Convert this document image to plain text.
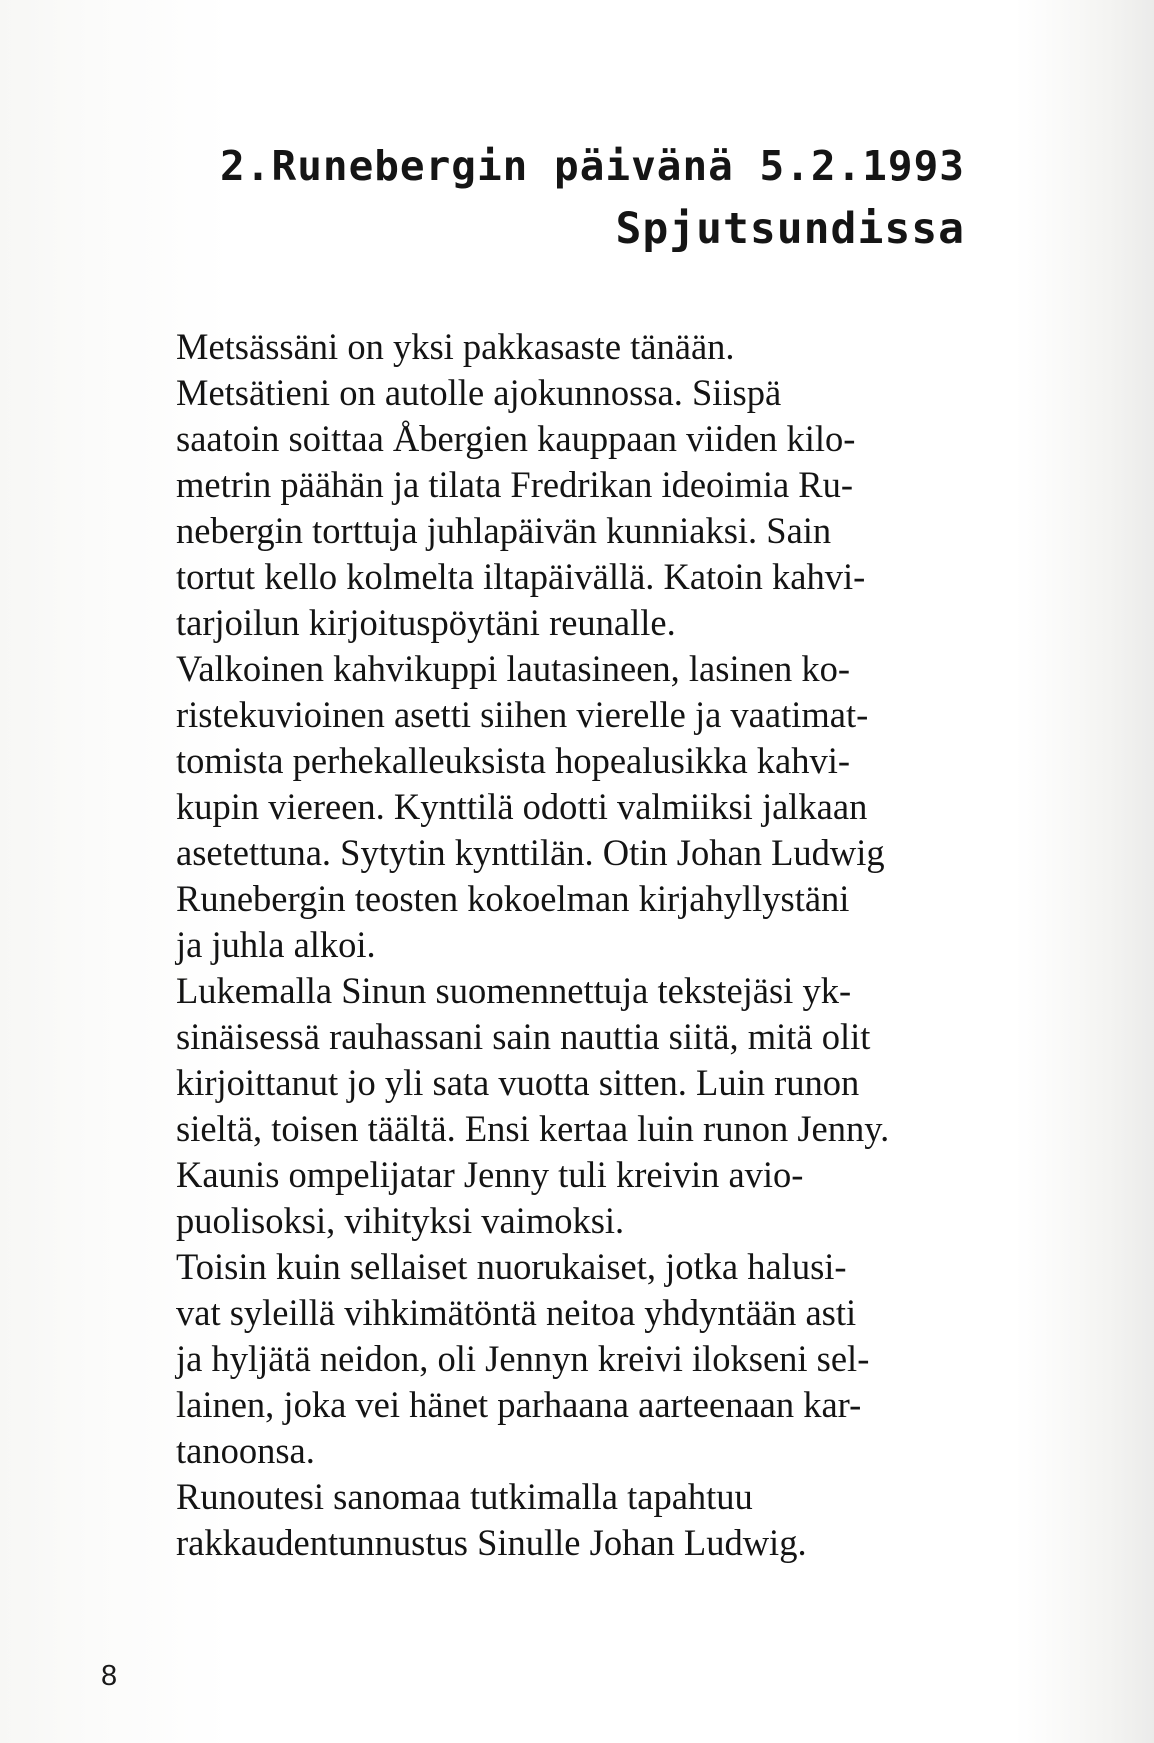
2. Runebergin päivänä 5.2.1993
Spjutsundissa
Metsässäni on yksi pakkasaste tänään.
Metsätieni on autolle ajokunnossa. Siispä
saatoin soittaa Åbergien kauppaan viiden kilo-
metrin päähän ja tilata Fredrikan ideoimia Ru-
nebergin torttuja juhlapäivän kunniaksi. Sain
tortut kello kolmelta iltapäivällä. Katoin kahvi-
tarjoilun kirjoituspöytäni reunalle.
Valkoinen kahvikuppi lautasineen, lasinen ko-
ristekuvioinen asetti siihen vierelle ja vaatimat-
tomista perhekalleuksista hopealusikka kahvi-
kupin viereen. Kynttilä odotti valmiiksi jalkaan
asetettuna. Sytytin kynttilän. Otin Johan Ludwig
Runebergin teosten kokoelman kirjahyllystäni
ja juhla alkoi.
Lukemalla Sinun suomennettuja tekstejäsi yk-
sinäisessä rauhassani sain nauttia siitä, mitä olit
kirjoittanut jo yli sata vuotta sitten. Luin runon
sieltä, toisen täältä. Ensi kertaa luin runon Jenny.
Kaunis ompelijatar Jenny tuli kreivin avio-
puolisoksi, vihityksi vaimoksi.
Toisin kuin sellaiset nuorukaiset, jotka halusi-
vat syleillä vihkimätöntä neitoa yhdyntään asti
ja hyljätä neidon, oli Jennyn kreivi ilokseni sel-
lainen, joka vei hänet parhaana aarteenaan kar-
tanoonsa.
Runoutesi sanomaa tutkimalla tapahtuu
rakkaudentunnustus Sinulle Johan Ludwig.
8
